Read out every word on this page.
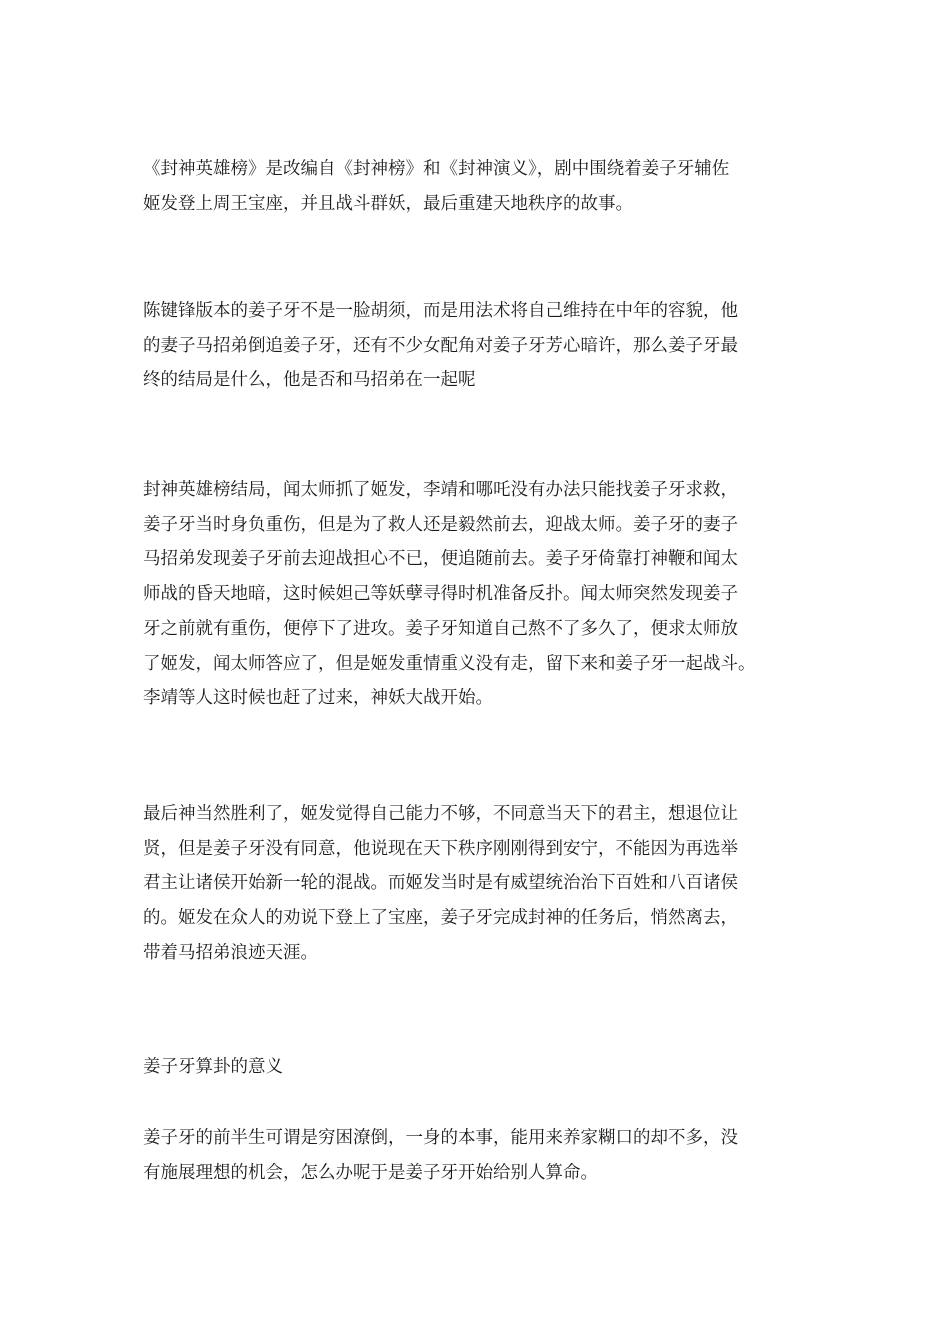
《封神英雄榜》是改编自《封神榜》和《封神演义》，剧中围绕着姜子牙辅佐
姬发登上周王宝座，并且战斗群妖，最后重建天地秩序的故事。

陈键锋版本的姜子牙不是一脸胡须，而是用法术将自己维持在中年的容貌，他
的妻子马招弟倒追姜子牙，还有不少女配角对姜子牙芳心暗许，那么姜子牙最
终的结局是什么，他是否和马招弟在一起呢

封神英雄榜结局，闻太师抓了姬发，李靖和哪吒没有办法只能找姜子牙求救，
姜子牙当时身负重伤，但是为了救人还是毅然前去，迎战太师。姜子牙的妻子
马招弟发现姜子牙前去迎战担心不已，便追随前去。姜子牙倚靠打神鞭和闻太
师战的昏天地暗，这时候妲己等妖孽寻得时机准备反扑。闻太师突然发现姜子
牙之前就有重伤，便停下了进攻。姜子牙知道自己熬不了多久了，便求太师放
了姬发，闻太师答应了，但是姬发重情重义没有走，留下来和姜子牙一起战斗。
李靖等人这时候也赶了过来，神妖大战开始。

最后神当然胜利了，姬发觉得自己能力不够，不同意当天下的君主，想退位让
贤，但是姜子牙没有同意，他说现在天下秩序刚刚得到安宁，不能因为再选举
君主让诸侯开始新一轮的混战。而姬发当时是有威望统治治下百姓和八百诸侯
的。姬发在众人的劝说下登上了宝座，姜子牙完成封神的任务后，悄然离去，
带着马招弟浪迹天涯。

姜子牙算卦的意义

姜子牙的前半生可谓是穷困潦倒，一身的本事，能用来养家糊口的却不多，没
有施展理想的机会，怎么办呢于是姜子牙开始给别人算命。
